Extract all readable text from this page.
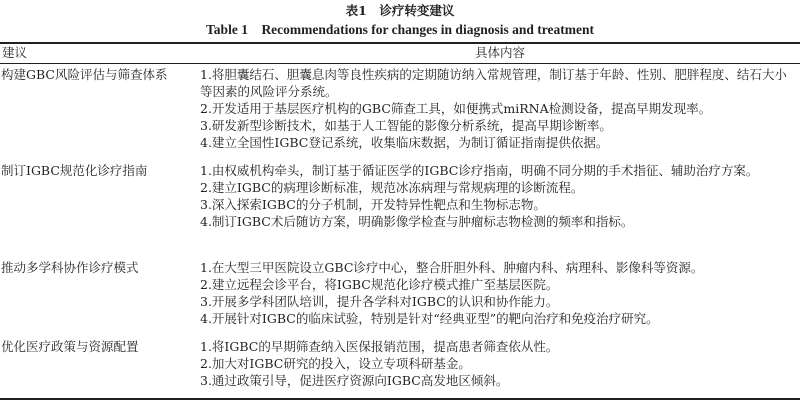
表1　诊疗转变建议
Table 1　Recommendations for changes in diagnosis and treatment
建议	具体内容
构建GBC风险评估与筛查体系	1.将胆囊结石、胆囊息肉等良性疾病的定期随访纳入常规管理，制订基于年龄、性别、肥胖程度、结石大小等因素的风险评分系统。
2.开发适用于基层医疗机构的GBC筛查工具，如便携式miRNA检测设备，提高早期发现率。
3.研发新型诊断技术，如基于人工智能的影像分析系统，提高早期诊断率。
4.建立全国性IGBC登记系统，收集临床数据，为制订循证指南提供依据。
制订IGBC规范化诊疗指南	1.由权威机构牵头，制订基于循证医学的IGBC诊疗指南，明确不同分期的手术指征、辅助治疗方案。
2.建立IGBC的病理诊断标准，规范冰冻病理与常规病理的诊断流程。
3.深入探索IGBC的分子机制，开发特异性靶点和生物标志物。
4.制订IGBC术后随访方案，明确影像学检查与肿瘤标志物检测的频率和指标。
推动多学科协作诊疗模式	1.在大型三甲医院设立GBC诊疗中心，整合肝胆外科、肿瘤内科、病理科、影像科等资源。
2.建立远程会诊平台，将IGBC规范化诊疗模式推广至基层医院。
3.开展多学科团队培训，提升各学科对IGBC的认识和协作能力。
4.开展针对IGBC的临床试验，特别是针对“经典亚型”的靶向治疗和免疫治疗研究。
优化医疗政策与资源配置	1.将IGBC的早期筛查纳入医保报销范围，提高患者筛查依从性。
2.加大对IGBC研究的投入，设立专项科研基金。
3.通过政策引导，促进医疗资源向IGBC高发地区倾斜。
